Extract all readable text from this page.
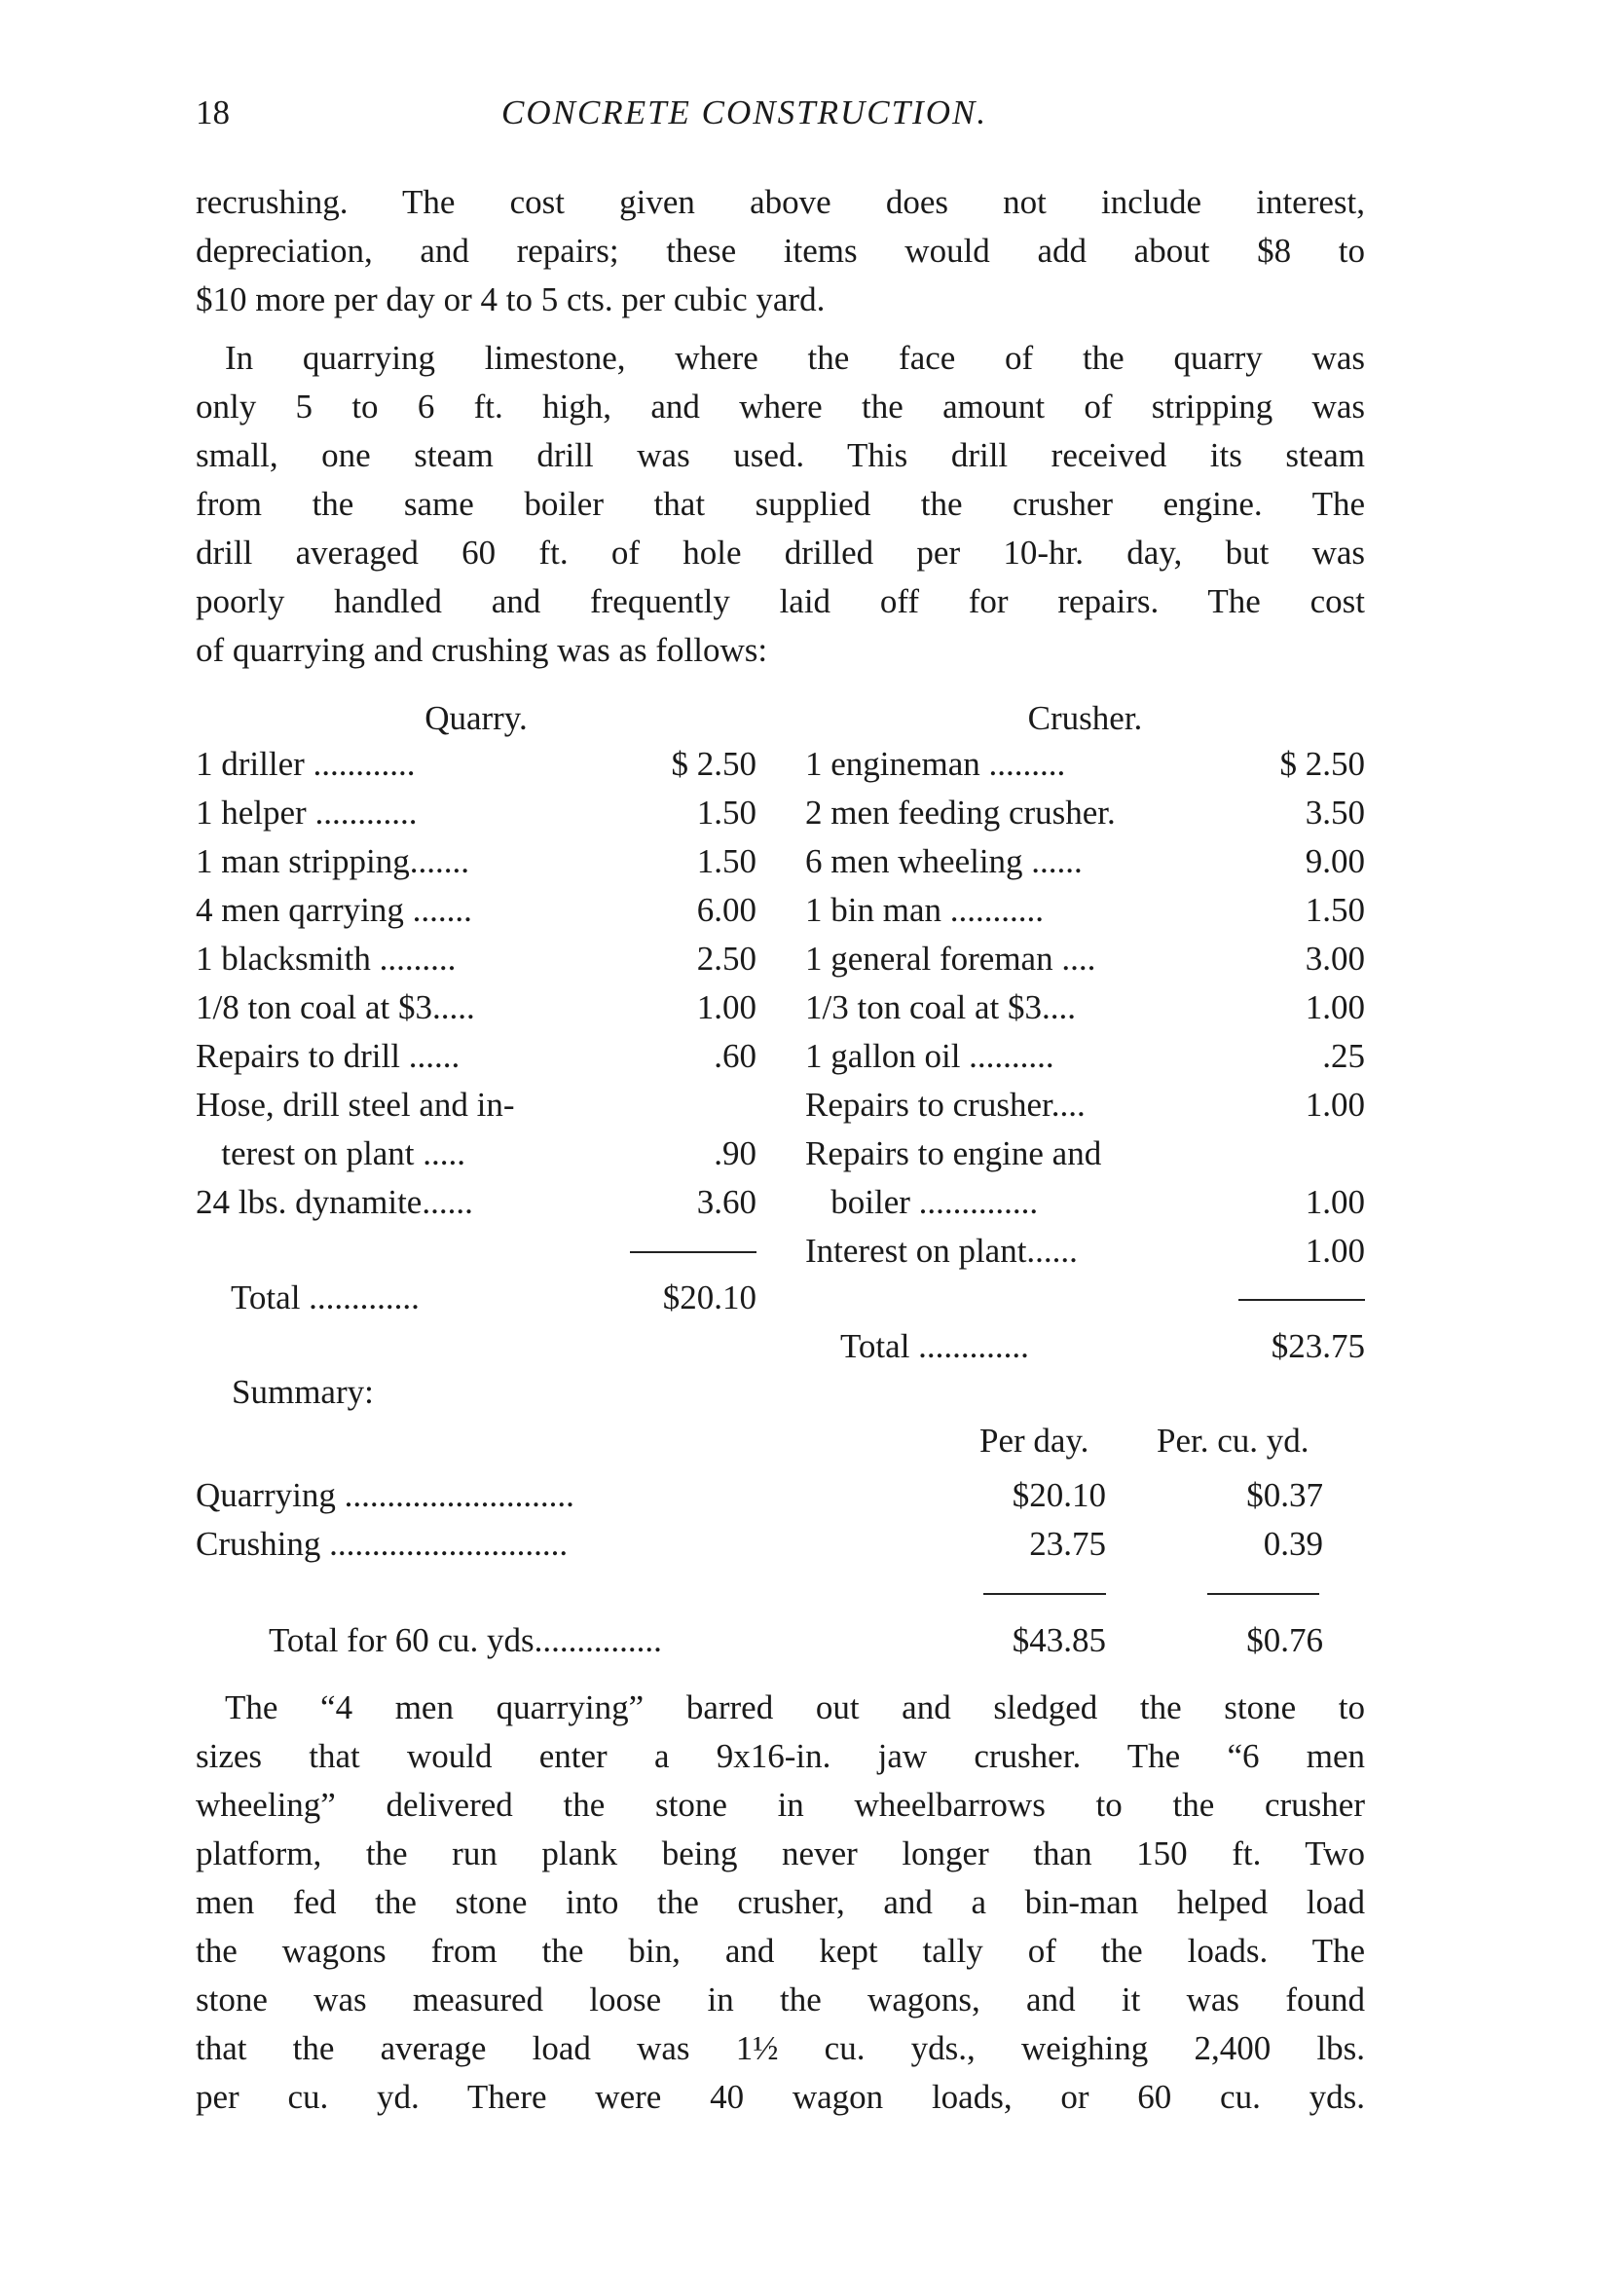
18	CONCRETE CONSTRUCTION.
recrushing. The cost given above does not include interest,
depreciation, and repairs; these items would add about $8 to
$10 more per day or 4 to 5 cts. per cubic yard.
In quarrying limestone, where the face of the quarry was
only 5 to 6 ft. high, and where the amount of stripping was
small, one steam drill was used. This drill received its steam
from the same boiler that supplied the crusher engine. The
drill averaged 60 ft. of hole drilled per 10-hr. day, but was
poorly handled and frequently laid off for repairs. The cost
of quarrying and crushing was as follows:
Quarry.
1 driller ............	$ 2.50
1 helper ............	1.50
1 man stripping.......	1.50
4 men qarrying .......	6.00
1 blacksmith .........	2.50
1/8 ton coal at $3.....	1.00
Repairs to drill ......	.60
Hose, drill steel and in-
terest on plant .....	.90
24 lbs. dynamite......	3.60
Total .............	$20.10
Crusher.
1 engineman .........	$ 2.50
2 men feeding crusher.	3.50
6 men wheeling ......	9.00
1 bin man ...........	1.50
1 general foreman ....	3.00
1/3 ton coal at $3....	1.00
1 gallon oil ..........	.25
Repairs to crusher....	1.00
Repairs to engine and
boiler ..............	1.00
Interest on plant......	1.00
Total .............	$23.75
Summary:
Per day. Per. cu. yd.
Quarrying ...........................	$20.10	$0.37
Crushing ............................	23.75	0.39
Total for 60 cu. yds...............	$43.85	$0.76
The “4 men quarrying” barred out and sledged the stone to
sizes that would enter a 9x16-in. jaw crusher. The “6 men
wheeling” delivered the stone in wheelbarrows to the crusher
platform, the run plank being never longer than 150 ft. Two
men fed the stone into the crusher, and a bin-man helped load
the wagons from the bin, and kept tally of the loads. The
stone was measured loose in the wagons, and it was found
that the average load was 1½ cu. yds., weighing 2,400 lbs.
per cu. yd. There were 40 wagon loads, or 60 cu. yds.
